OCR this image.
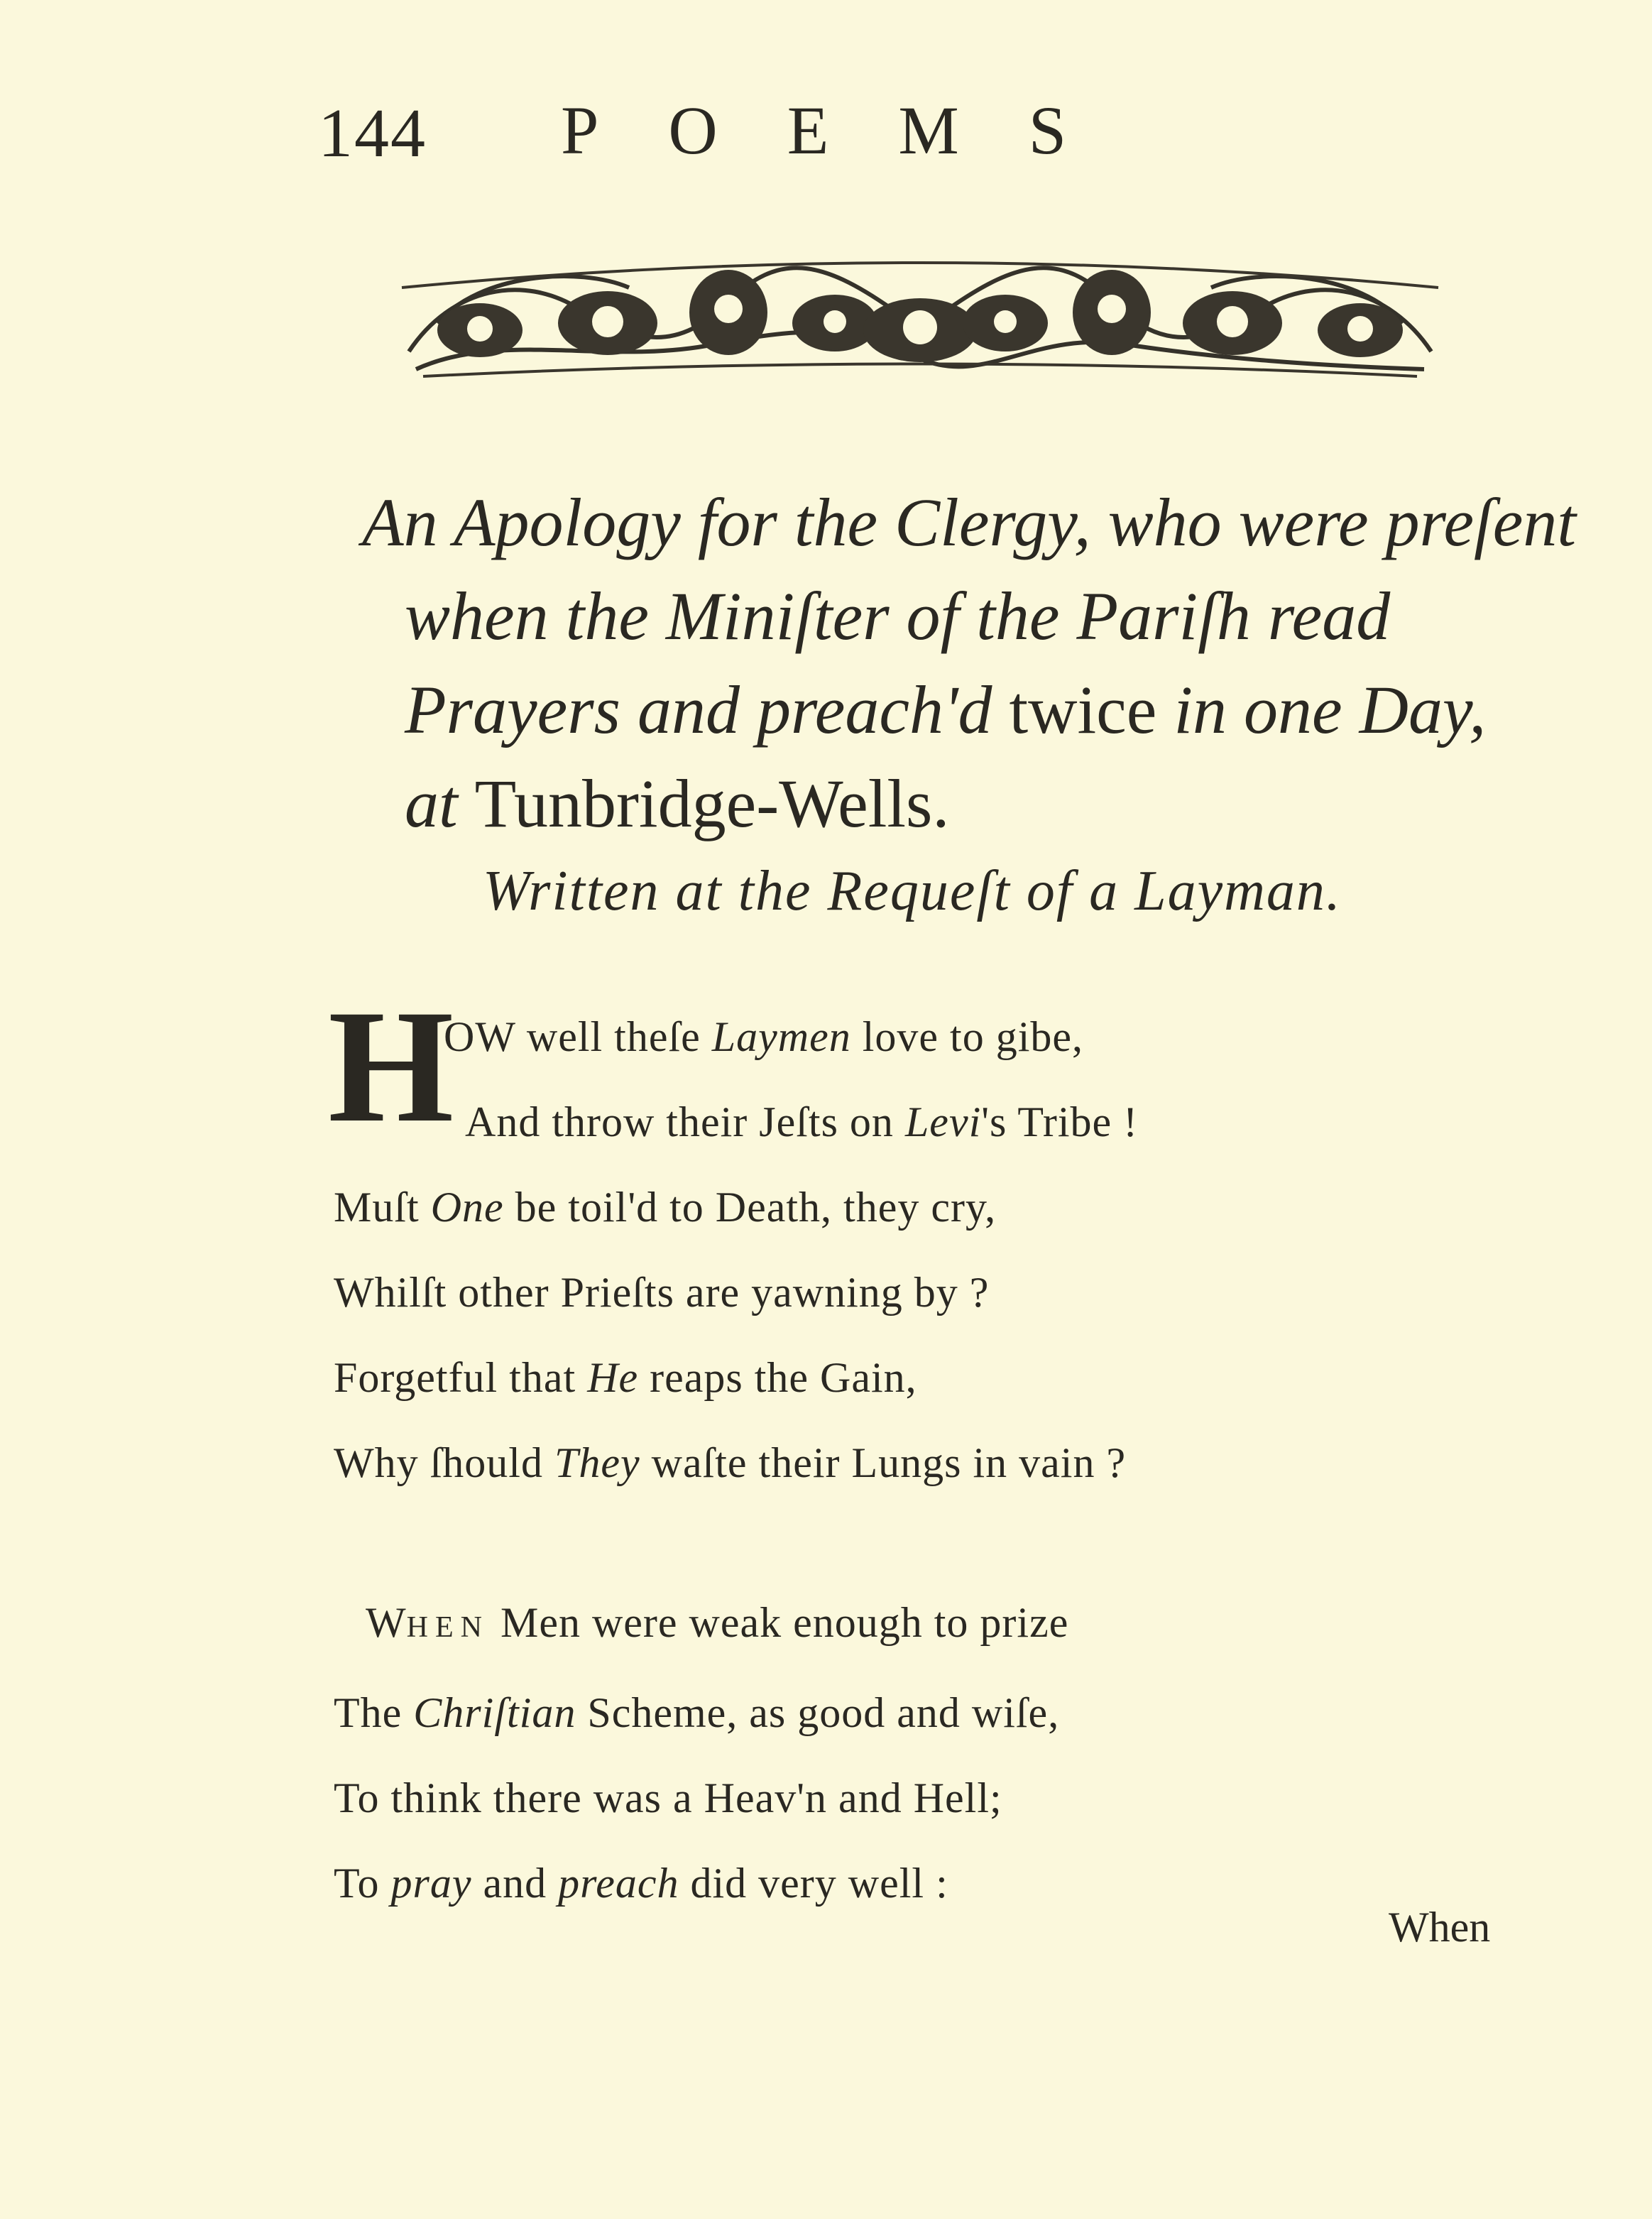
144 POEMS
An Apology for the Clergy, who were preſent
when the Miniſter of the Pariſh read
Prayers and preach'd twice in one Day,
at Tunbridge-Wells.
Written at the Requeſt of a Layman.
H
OW well theſe Laymen love to gibe,
And throw their Jeſts on Levi's Tribe !
Muſt One be toil'd to Death, they cry,
Whilſt other Prieſts are yawning by ?
Forgetful that He reaps the Gain,
Why ſhould They waſte their Lungs in vain ?
WHEN Men were weak enough to prize
The Chriſtian Scheme, as good and wiſe,
To think there was a Heav'n and Hell;
To pray and preach did very well :
When
